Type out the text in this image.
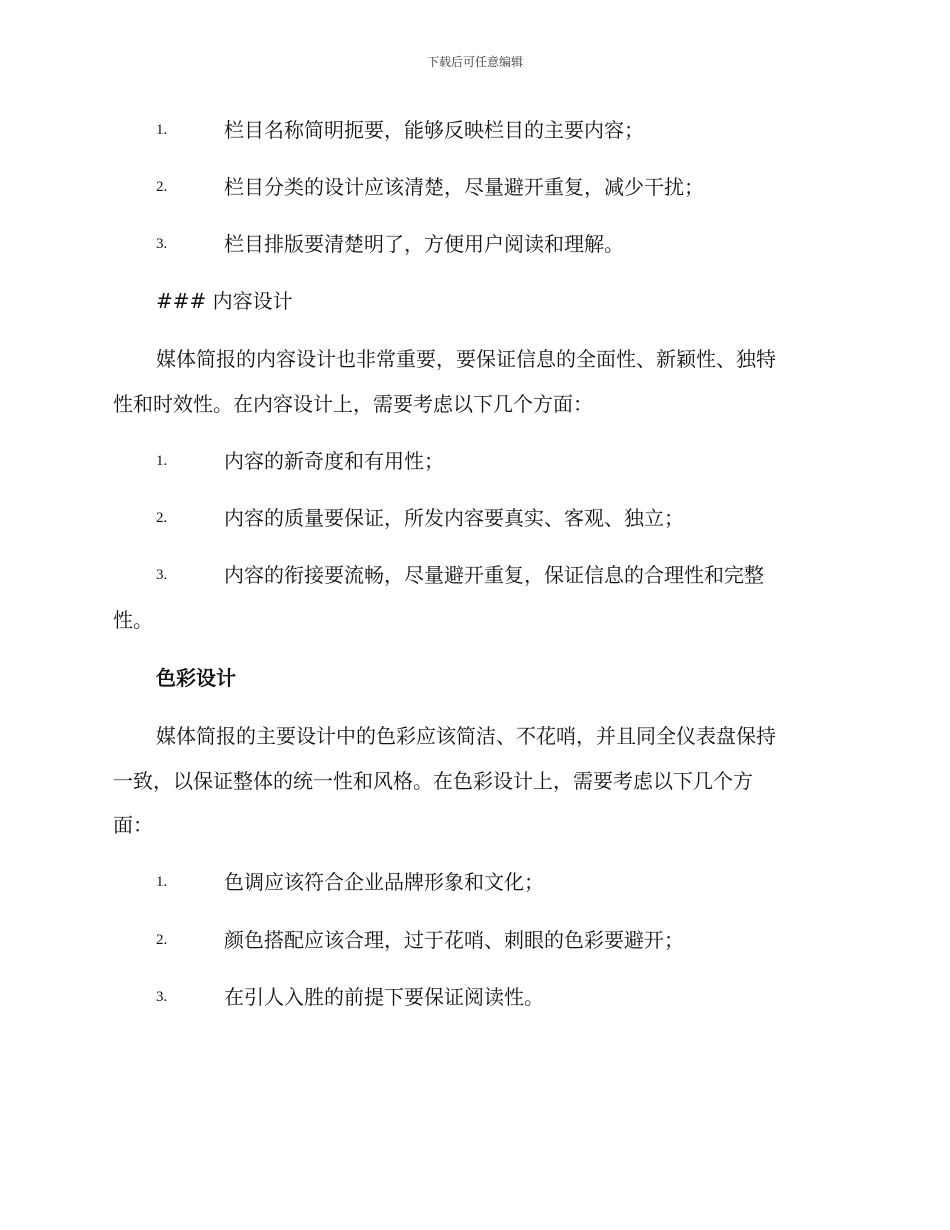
下载后可任意编辑
1.	栏目名称简明扼要，能够反映栏目的主要内容；
2.	栏目分类的设计应该清楚，尽量避开重复，减少干扰；
3.	栏目排版要清楚明了，方便用户阅读和理解。
### 内容设计
媒体简报的内容设计也非常重要，要保证信息的全面性、新颖性、独特
性和时效性。在内容设计上，需要考虑以下几个方面：
1.	内容的新奇度和有用性；
2.	内容的质量要保证，所发内容要真实、客观、独立；
3.	内容的衔接要流畅，尽量避开重复，保证信息的合理性和完整
性。
色彩设计
媒体简报的主要设计中的色彩应该简洁、不花哨，并且同全仪表盘保持
一致，以保证整体的统一性和风格。在色彩设计上，需要考虑以下几个方
面：
1.	色调应该符合企业品牌形象和文化；
2.	颜色搭配应该合理，过于花哨、刺眼的色彩要避开；
3.	在引人入胜的前提下要保证阅读性。
